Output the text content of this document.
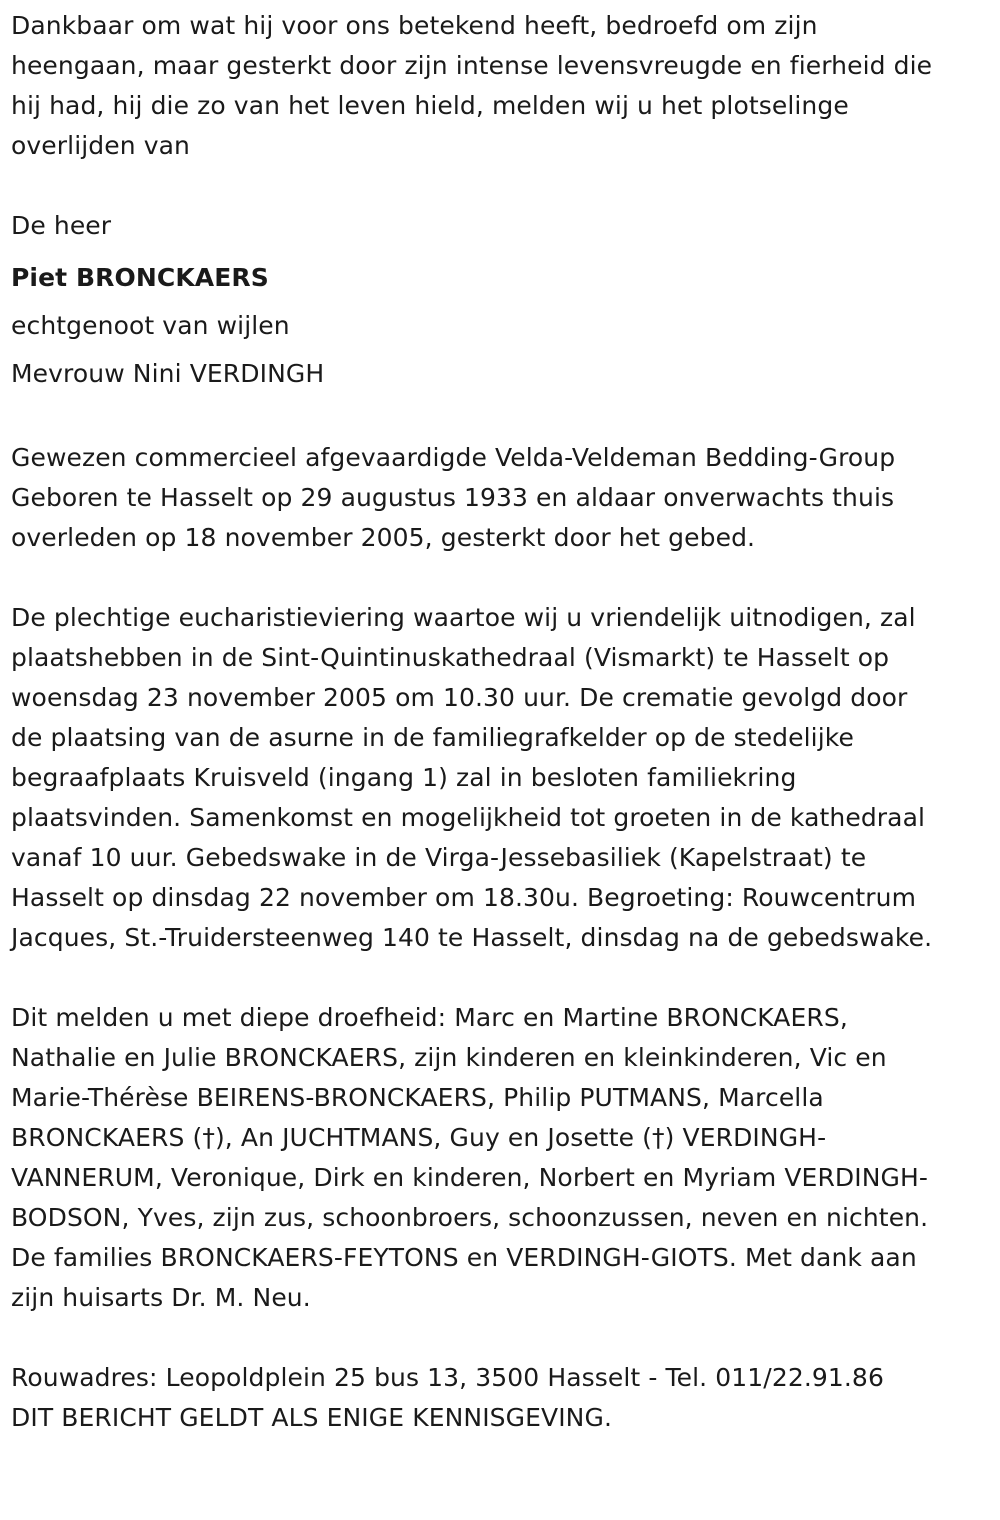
Dankbaar om wat hij voor ons betekend heeft, bedroefd om zijn
heengaan, maar gesterkt door zijn intense levensvreugde en fierheid die
hij had, hij die zo van het leven hield, melden wij u het plotselinge
overlijden van

De heer

Piet BRONCKAERS

echtgenoot van wijlen

Mevrouw Nini VERDINGH

Gewezen commercieel afgevaardigde Velda-Veldeman Bedding-Group

Geboren te Hasselt op 29 augustus 1933 en aldaar onverwachts thuis
overleden op 18 november 2005, gesterkt door het gebed.
De plechtige eucharistieviering waartoe wij u vriendelijk uitnodigen, zal
plaatshebben in de Sint-Quintinuskathedraal (Vismarkt) te Hasselt op
woensdag 23 november 2005 om 10.30 uur. De crematie gevolgd door
de plaatsing van de asurne in de familiegrafkelder op de stedelijke
begraafplaats Kruisveld (ingang 1) zal in besloten familiekring
plaatsvinden. Samenkomst en mogelijkheid tot groeten in de kathedraal
vanaf 10 uur. Gebedswake in de Virga-Jessebasiliek (Kapelstraat) te
Hasselt op dinsdag 22 november om 18.30u. Begroeting: Rouwcentrum
Jacques, St.-Truidersteenweg 140 te Hasselt, dinsdag na de gebedswake.
Dit melden u met diepe droefheid: Marc en Martine BRONCKAERS,
Nathalie en Julie BRONCKAERS, zijn kinderen en kleinkinderen, Vic en
Marie-Thérèse BEIRENS-BRONCKAERS, Philip PUTMANS, Marcella
BRONCKAERS (†), An JUCHTMANS, Guy en Josette (†) VERDINGH-
VANNERUM, Veronique, Dirk en kinderen, Norbert en Myriam VERDINGH-
BODSON, Yves, zijn zus, schoonbroers, schoonzussen, neven en nichten.
De families BRONCKAERS-FEYTONS en VERDINGH-GIOTS. Met dank aan
zijn huisarts Dr. M. Neu.

Rouwadres: Leopoldplein 25 bus 13, 3500 Hasselt - Tel. 011/22.91.86

DIT BERICHT GELDT ALS ENIGE KENNISGEVING.
